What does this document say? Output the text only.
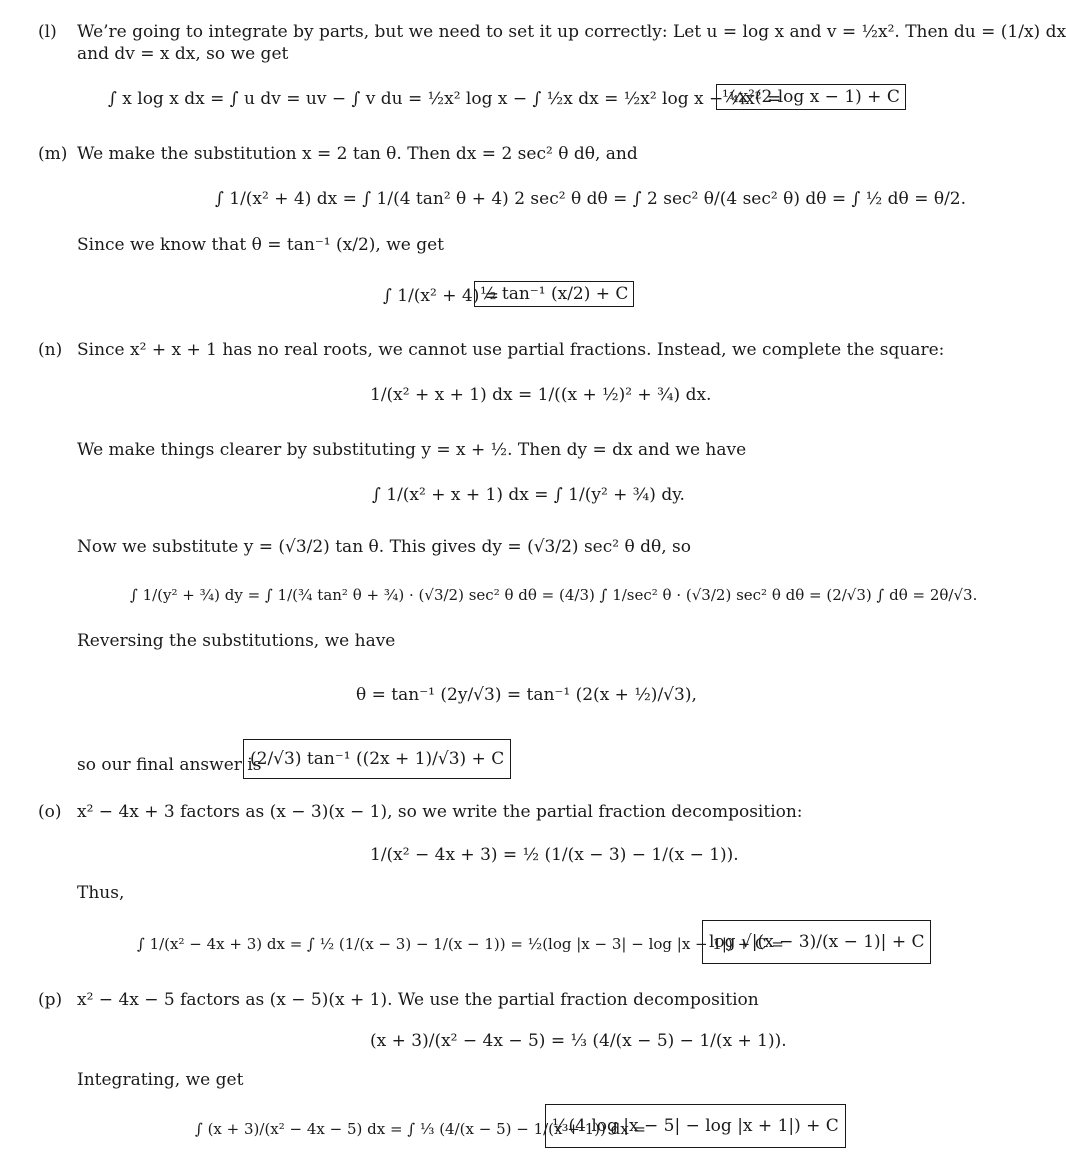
(l) We’re going to integrate by parts, but we need to set it up correctly: Let u = log x and v = ½x². Then du = (1/x) dx
and dv = x dx, so we get
∫ x log x dx = ∫ u dv = uv − ∫ v du = ½x² log x − ∫ ½x dx = ½x² log x − ¼x² =
¼x²(2 log x − 1) + C
(m) We make the substitution x = 2 tan θ. Then dx = 2 sec² θ dθ, and
∫ 1/(x² + 4) dx = ∫ 1/(4 tan² θ + 4) 2 sec² θ dθ = ∫ 2 sec² θ/(4 sec² θ) dθ = ∫ ½ dθ = θ/2.
Since we know that θ = tan⁻¹ (x/2), we get
∫ 1/(x² + 4) =
½ tan⁻¹ (x/2) + C
(n) Since x² + x + 1 has no real roots, we cannot use partial fractions. Instead, we complete the square:
1/(x² + x + 1) dx = 1/((x + ½)² + ¾) dx.
We make things clearer by substituting y = x + ½. Then dy = dx and we have
∫ 1/(x² + x + 1) dx = ∫ 1/(y² + ¾) dy.
Now we substitute y = (√3/2) tan θ. This gives dy = (√3/2) sec² θ dθ, so
∫ 1/(y² + ¾) dy = ∫ 1/(¾ tan² θ + ¾) · (√3/2) sec² θ dθ = (4/3) ∫ 1/sec² θ · (√3/2) sec² θ dθ = (2/√3) ∫ dθ = 2θ/√3.
Reversing the substitutions, we have
θ = tan⁻¹ (2y/√3) = tan⁻¹ (2(x + ½)/√3),
so our final answer is
(2/√3) tan⁻¹ ((2x + 1)/√3) + C
(o) x² − 4x + 3 factors as (x − 3)(x − 1), so we write the partial fraction decomposition:
1/(x² − 4x + 3) = ½ (1/(x − 3) − 1/(x − 1)).
Thus,
∫ 1/(x² − 4x + 3) dx = ∫ ½ (1/(x − 3) − 1/(x − 1)) = ½(log |x − 3| − log |x − 1|) + C =
log √|(x − 3)/(x − 1)| + C
(p) x² − 4x − 5 factors as (x − 5)(x + 1). We use the partial fraction decomposition
(x + 3)/(x² − 4x − 5) = ⅓ (4/(x − 5) − 1/(x + 1)).
Integrating, we get
∫ (x + 3)/(x² − 4x − 5) dx = ∫ ⅓ (4/(x − 5) − 1/(x + 1)) dx =
⅓(4 log |x − 5| − log |x + 1|) + C
